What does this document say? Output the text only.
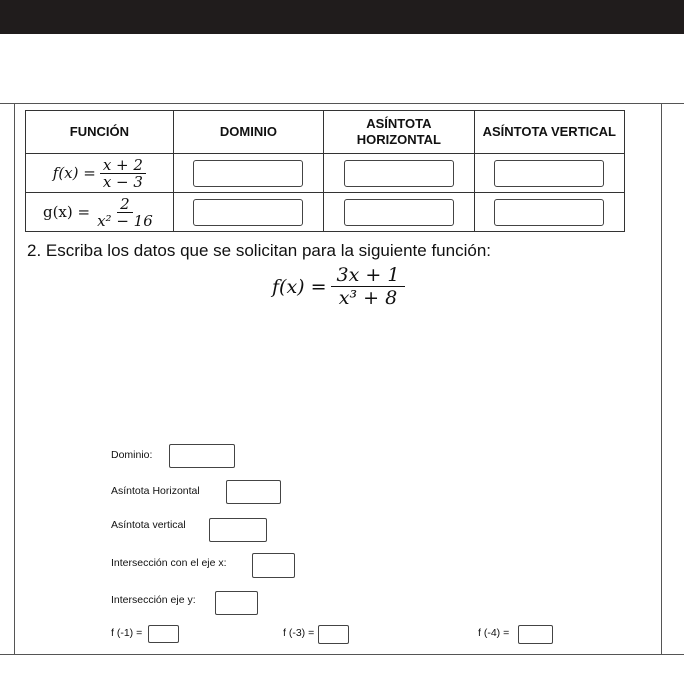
FUNCIÓN	DOMINIO	ASÍNTOTA HORIZONTAL	ASÍNTOTA VERTICAL

$f(x) = \frac{x + 2}{x - 3}$

$g(x) = \frac{2}{\text{x² − 16}}$

2. Escriba los datos que se solicitan para la siguiente función:
$f(x) = \frac{3x + 1}{\text{x³ + 8}}$
Dominio:
Asíntota Horizontal
Asíntota vertical
Intersección con el eje x:
Intersección eje y:
f (-1) =	f (-3) =	f (-4) =
